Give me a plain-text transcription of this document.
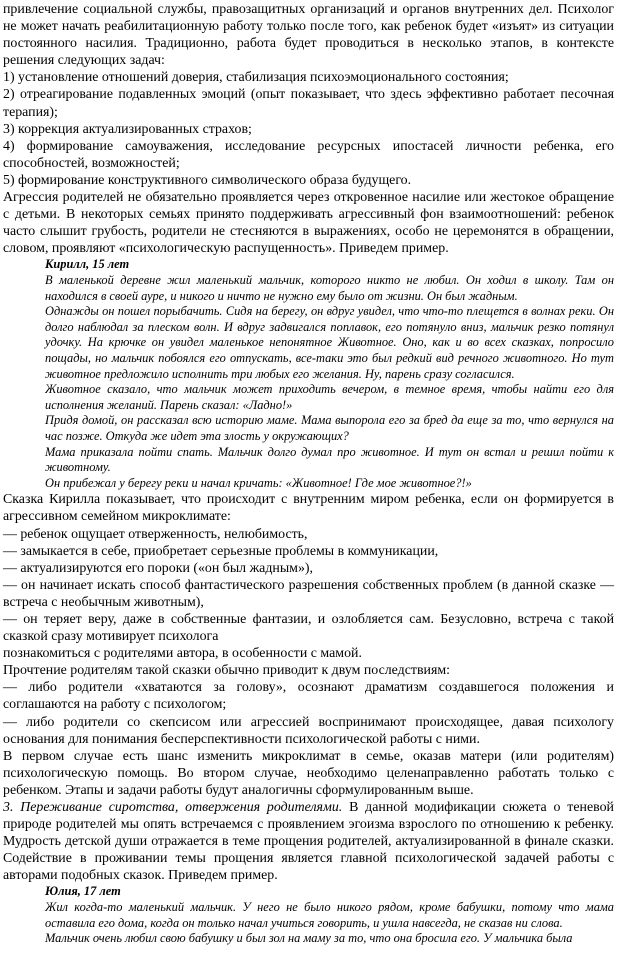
привлечение социальной службы, правозащитных организаций и органов внутренних дел. Психолог не может начать реабилитационную работу только после того, как ребенок будет «изъят» из ситуации постоянного насилия. Традиционно, работа будет проводиться в несколько этапов, в контексте решения следующих задач:

1) установление отношений доверия, стабилизация психоэмоционального состояния;

2) отреагирование подавленных эмоций (опыт показывает, что здесь эффективно работает песочная терапия);

3) коррекция актуализированных страхов;

4) формирование самоуважения, исследование ресурсных ипостасей личности ребенка, его способностей, возможностей;

5) формирование конструктивного символического образа будущего.

Агрессия родителей не обязательно проявляется через откровенное насилие или жестокое обращение с детьми. В некоторых семьях принято поддерживать агрессивный фон взаимоотношений: ребенок часто слышит грубость, родители не стесняются в выражениях, особо не церемонятся в обращении, словом, проявляют «психологическую распущенность». Приведем пример.

Кирилл, 15 лет

В маленькой деревне жил маленький мальчик, которого никто не любил. Он ходил в школу. Там он находился в своей ауре, и никого и ничто не нужно ему было от жизни. Он был жадным.

Однажды он пошел порыбачить. Сидя на берегу, он вдруг увидел, что что-то плещется в волнах реки. Он долго наблюдал за плеском волн. И вдруг задвигался поплавок, его потянуло вниз, мальчик резко потянул удочку. На крючке он увидел маленькое непонятное Животное. Оно, как и во всех сказках, попросило пощады, но мальчик побоялся его отпускать, все-таки это был редкий вид речного животного. Но тут животное предложило исполнить три любых его желания. Ну, парень сразу согласился.

Животное сказало, что мальчик может приходить вечером, в темное время, чтобы найти его для исполнения желаний. Парень сказал: «Ладно!»

Придя домой, он рассказал всю историю маме. Мама выпорола его за бред да еще за то, что вернулся на час позже. Откуда же идет эта злость у окружающих?

Мама приказала пойти спать. Мальчик долго думал про животное. И тут он встал и решил пойти к животному.

Он прибежал у берегу реки и начал кричать: «Животное! Где мое животное?!»

Сказка Кирилла показывает, что происходит с внутренним миром ребенка, если он формируется в агрессивном семейном микроклимате:

— ребенок ощущает отверженность, нелюбимость,

— замыкается в себе, приобретает серьезные проблемы в коммуникации,

— актуализируются его пороки («он был жадным»),

— он начинает искать способ фантастического разрешения собственных проблем (в данной сказке — встреча с необычным животным),

— он теряет веру, даже в собственные фантазии, и озлобляется сам. Безусловно, встреча с такой сказкой сразу мотивирует психолога

познакомиться с родителями автора, в особенности с мамой.

Прочтение родителям такой сказки обычно приводит к двум последствиям:

— либо родители «хватаются за голову», осознают драматизм создавшегося положения и соглашаются на работу с психологом;

— либо родители со скепсисом или агрессией воспринимают происходящее, давая психологу основания для понимания бесперспективности психологической работы с ними.

В первом случае есть шанс изменить микроклимат в семье, оказав матери (или родителям) психологическую помощь. Во втором случае, необходимо целенаправленно работать только с ребенком. Этапы и задачи работы будут аналогичны сформулированным выше.

3. Переживание сиротства, отвержения родителями. В данной модификации сюжета о теневой природе родителей мы опять встречаемся с проявлением эгоизма взрослого по отношению к ребенку. Мудрость детской души отражается в теме прощения родителей, актуализированной в финале сказки. Содействие в проживании темы прощения является главной психологической задачей работы с авторами подобных сказок. Приведем пример.

Юлия, 17 лет

Жил когда-то маленький мальчик. У него не было никого рядом, кроме бабушки, потому что мама оставила его дома, когда он только начал учиться говорить, и ушла навсегда, не сказав ни слова.

Мальчик очень любил свою бабушку и был зол на маму за то, что она бросила его. У мальчика была
